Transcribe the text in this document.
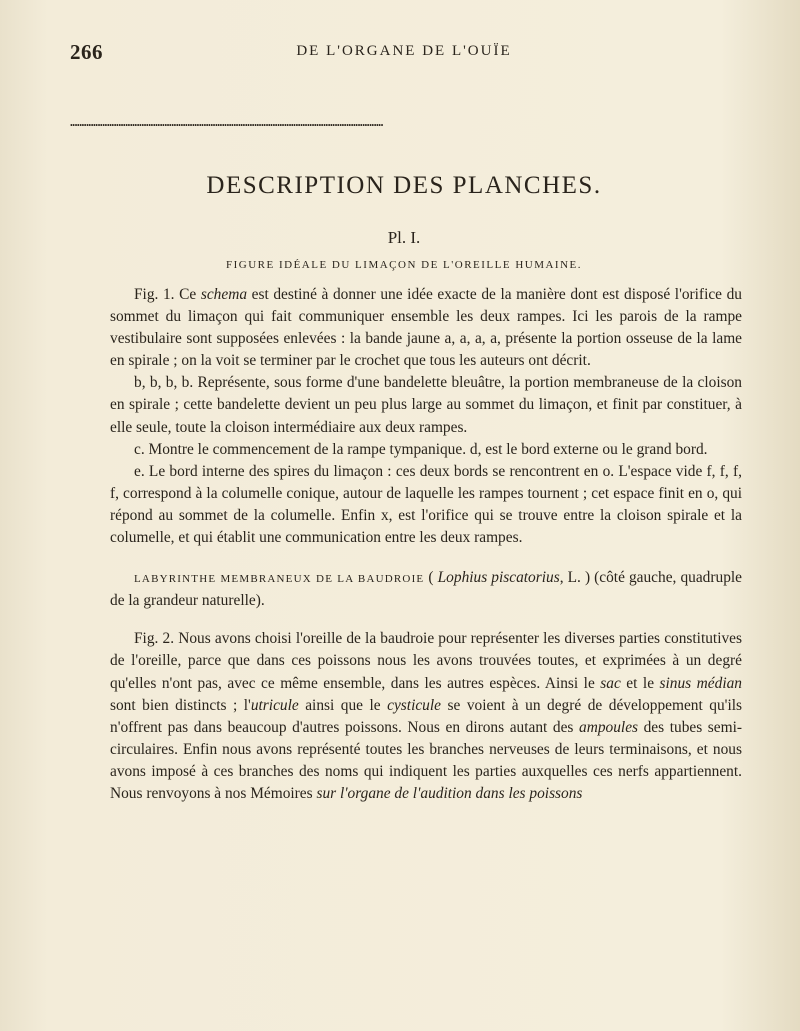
266	DE L'ORGANE DE L'OUÏE
••••••••••••••••••••••••••••••••••••••••••••••••••••••••••••••••••••••••••••••••••••••••••••••••••••••••••••••••••••••••••••••••••••••••
DESCRIPTION DES PLANCHES.
Pl. I.
FIGURE IDÉALE DU LIMAÇON DE L'OREILLE HUMAINE.

Fig. 1. Ce schema est destiné à donner une idée exacte de la manière dont est disposé l'orifice du sommet du limaçon qui fait communiquer ensemble les deux rampes. Ici les parois de la rampe vestibulaire sont supposées enlevées : la bande jaune a, a, a, a, présente la portion osseuse de la lame en spirale ; on la voit se terminer par le crochet que tous les auteurs ont décrit.

b, b, b, b. Représente, sous forme d'une bandelette bleuâtre, la portion membraneuse de la cloison en spirale ; cette bandelette devient un peu plus large au sommet du limaçon, et finit par constituer, à elle seule, toute la cloison intermédiaire aux deux rampes.

c. Montre le commencement de la rampe tympanique. d, est le bord externe ou le grand bord.

e. Le bord interne des spires du limaçon : ces deux bords se rencontrent en o. L'espace vide f, f, f, f, correspond à la columelle conique, autour de laquelle les rampes tournent ; cet espace finit en o, qui répond au sommet de la columelle. Enfin x, est l'orifice qui se trouve entre la cloison spirale et la columelle, et qui établit une communication entre les deux rampes.

LABYRINTHE MEMBRANEUX DE LA BAUDROIE ( Lophius piscatorius, L. ) (côté gauche, quadruple de la grandeur naturelle).

Fig. 2. Nous avons choisi l'oreille de la baudroie pour représenter les diverses parties constitutives de l'oreille, parce que dans ces poissons nous les avons trouvées toutes, et exprimées à un degré qu'elles n'ont pas, avec ce même ensemble, dans les autres espèces. Ainsi le sac et le sinus médian sont bien distincts ; l'utricule ainsi que le cysticule se voient à un degré de développement qu'ils n'offrent pas dans beaucoup d'autres poissons. Nous en dirons autant des ampoules des tubes semi-circulaires. Enfin nous avons représenté toutes les branches nerveuses de leurs terminaisons, et nous avons imposé à ces branches des noms qui indiquent les parties auxquelles ces nerfs appartiennent. Nous renvoyons à nos Mémoires sur l'organe de l'audition dans les poissons
